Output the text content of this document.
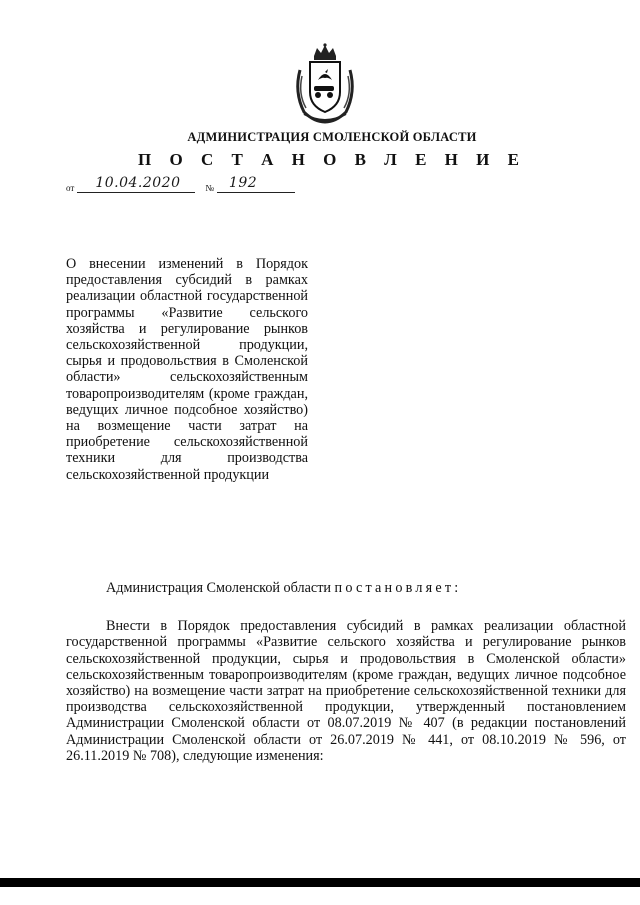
АДМИНИСТРАЦИЯ СМОЛЕНСКОЙ ОБЛАСТИ
П О С Т А Н О В Л Е Н И Е
от 10.04.2020	№ 192
О внесении изменений в Порядок предоставления субсидий в рамках реализации областной государственной программы «Развитие сельского хозяйства и регулирование рынков сельскохозяйственной продукции, сырья и продовольствия в Смоленской области» сельскохозяйственным товаропроизводителям (кроме граждан, ведущих личное подсобное хозяйство) на возмещение части затрат на приобретение сельскохозяйственной техники для производства сельскохозяйственной продукции

Администрация Смоленской области постановляет:

Внести в Порядок предоставления субсидий в рамках реализации областной государственной программы «Развитие сельского хозяйства и регулирование рынков сельскохозяйственной продукции, сырья и продовольствия в Смоленской области» сельскохозяйственным товаропроизводителям (кроме граждан, ведущих личное подсобное хозяйство) на возмещение части затрат на приобретение сельскохозяйственной техники для производства сельскохозяйственной продукции, утвержденный постановлением Администрации Смоленской области от 08.07.2019 № 407 (в редакции постановлений Администрации Смоленской области от 26.07.2019 № 441, от 08.10.2019 № 596, от 26.11.2019 № 708), следующие изменения:
